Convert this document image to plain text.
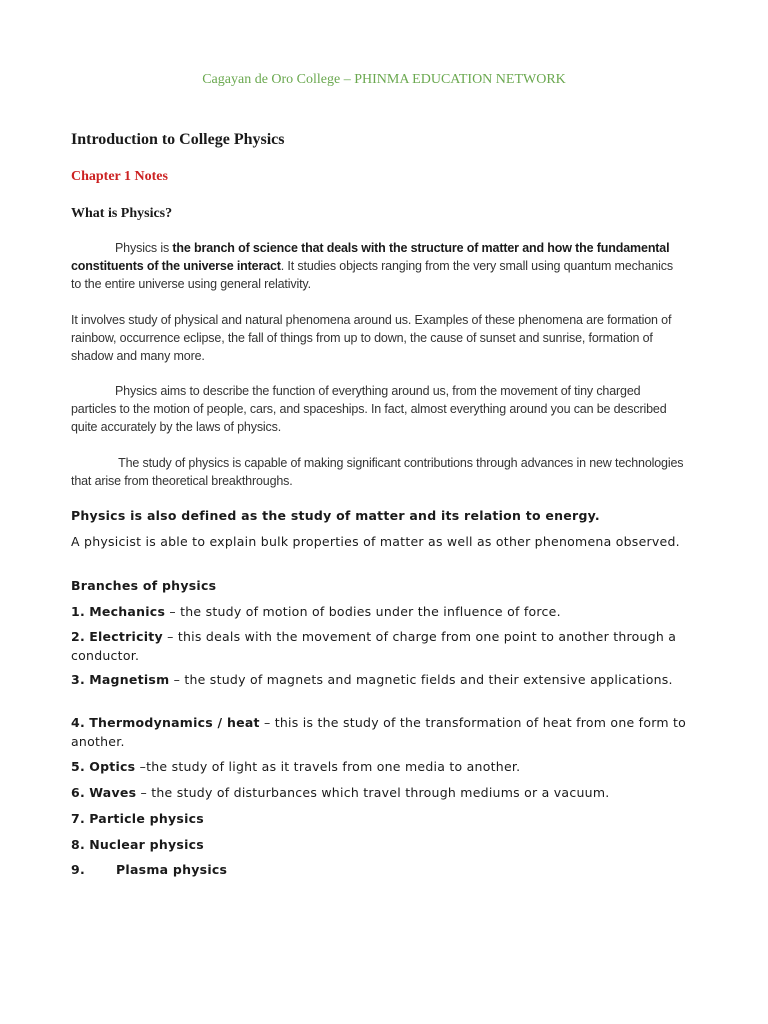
Cagayan de Oro College – PHINMA EDUCATION NETWORK
Introduction to College Physics
Chapter 1 Notes
What is Physics?
Physics is the branch of science that deals with the structure of matter and how the fundamental constituents of the universe interact. It studies objects ranging from the very small using quantum mechanics to the entire universe using general relativity.
It involves study of physical and natural phenomena around us. Examples of these phenomena are formation of rainbow, occurrence eclipse, the fall of things from up to down, the cause of sunset and sunrise, formation of shadow and many more.
Physics aims to describe the function of everything around us, from the movement of tiny charged particles to the motion of people, cars, and spaceships. In fact, almost everything around you can be described quite accurately by the laws of physics.
The study of physics is capable of making significant contributions through advances in new technologies that arise from theoretical breakthroughs.
Physics is also defined as the study of matter and its relation to energy.
A physicist is able to explain bulk properties of matter as well as other phenomena observed.
Branches of physics
1. Mechanics – the study of motion of bodies under the influence of force.
2. Electricity – this deals with the movement of charge from one point to another through a conductor.
3. Magnetism – the study of magnets and magnetic fields and their extensive applications.
4. Thermodynamics / heat – this is the study of the transformation of heat from one form to another.
5. Optics –the study of light as it travels from one media to another.
6. Waves – the study of disturbances which travel through mediums or a vacuum.
7. Particle physics
8. Nuclear physics
9. Plasma physics
